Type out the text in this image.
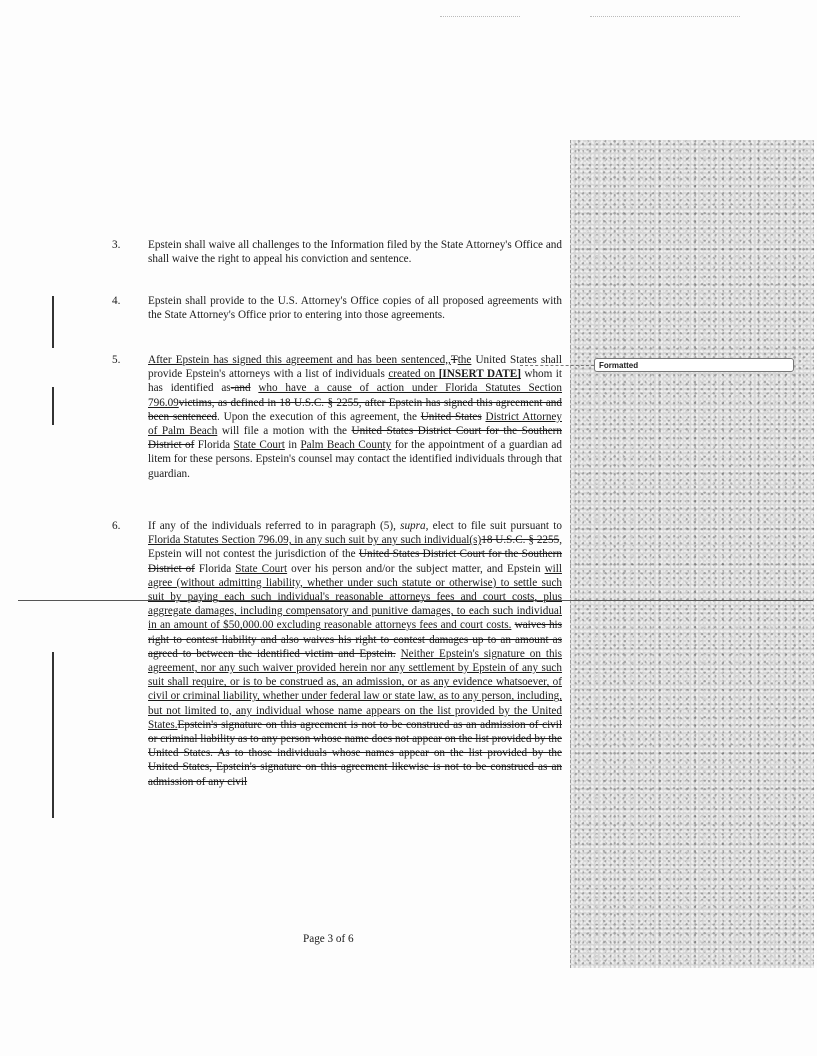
Formatted
3. Epstein shall waive all challenges to the Information filed by the State Attorney's Office and shall waive the right to appeal his conviction and sentence.
4. Epstein shall provide to the U.S. Attorney's Office copies of all proposed agreements with the State Attorney's Office prior to entering into those agreements.
5. After Epstein has signed this agreement and has been sentenced,,Tthe United States shall provide Epstein's attorneys with a list of individuals created on [INSERT DATE] whom it has identified as-and who have a cause of action under Florida Statutes Section 796.09victims, as defined in 18 U.S.C. § 2255, after Epstein has signed this agreement and been sentenced. Upon the execution of this agreement, the United States District Attorney of Palm Beach will file a motion with the United States District Court for the Southern District of Florida State Court in Palm Beach County for the appointment of a guardian ad litem for these persons. Epstein's counsel may contact the identified individuals through that guardian.
6. If any of the individuals referred to in paragraph (5), supra, elect to file suit pursuant to Florida Statutes Section 796.09, in any such suit by any such individual(s)18 U.S.C. § 2255, Epstein will not contest the jurisdiction of the United States District Court for the Southern District of Florida State Court over his person and/or the subject matter, and Epstein will agree (without admitting liability, whether under such statute or otherwise) to settle such suit by paying each such individual's reasonable attorneys fees and court costs, plus aggregate damages, including compensatory and punitive damages, to each such individual in an amount of $50,000.00 excluding reasonable attorneys fees and court costs. waives his right to contest liability and also waives his right to contest damages up to an amount as agreed to between the identified victim and Epstein. Neither Epstein's signature on this agreement, nor any such waiver provided herein nor any settlement by Epstein of any such suit shall require, or is to be construed as, an admission, or as any evidence whatsoever, of civil or criminal liability, whether under federal law or state law, as to any person, including, but not limited to, any individual whose name appears on the list provided by the United States.Epstein's signature on this agreement is not to be construed as an admission of civil or criminal liability as to any person whose name does not appear on the list provided by the United States. As to those individuals whose names appear on the list provided by the United States, Epstein's signature on this agreement likewise is not to be construed as an admission of any civil
Page 3 of 6
